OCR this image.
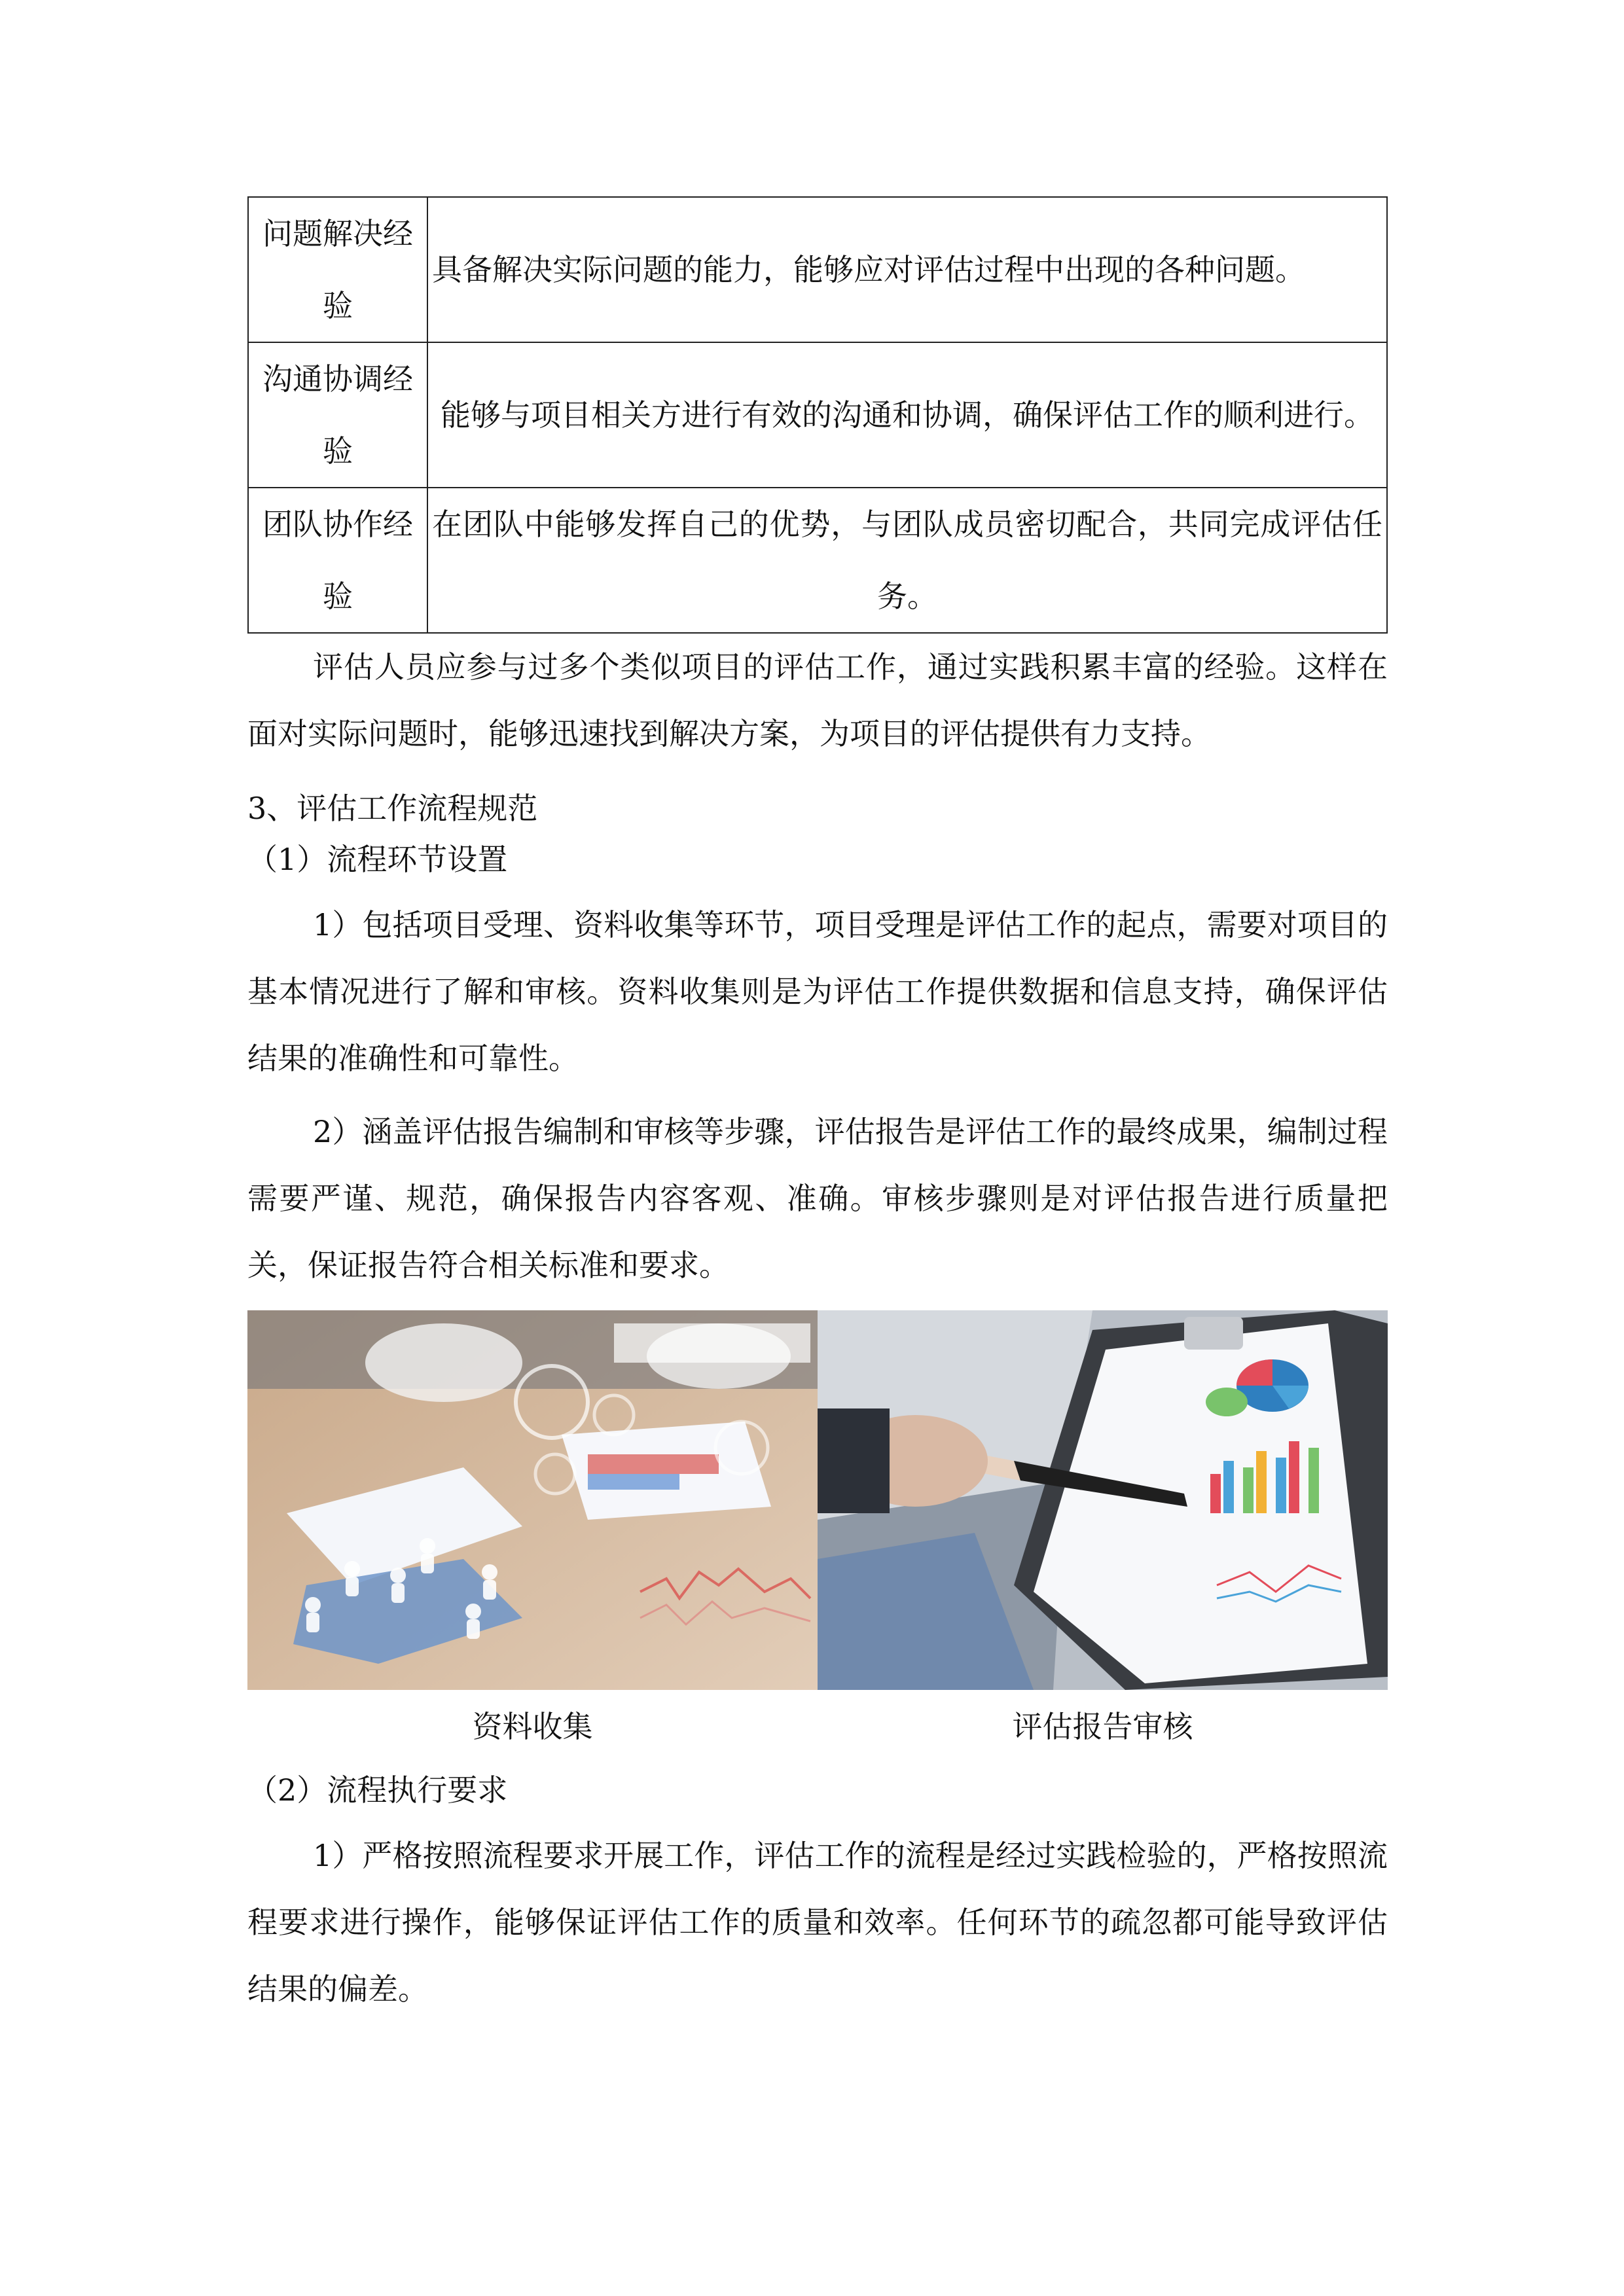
问题解决经验	具备解决实际问题的能力，能够应对评估过程中出现的各种问题。
沟通协调经验	能够与项目相关方进行有效的沟通和协调，确保评估工作的顺利进行。
团队协作经验	在团队中能够发挥自己的优势，与团队成员密切配合，共同完成评估任务。

评估人员应参与过多个类似项目的评估工作，通过实践积累丰富的经验。这样在面对实际问题时，能够迅速找到解决方案，为项目的评估提供有力支持。

3、评估工作流程规范

（1）流程环节设置

1）包括项目受理、资料收集等环节，项目受理是评估工作的起点，需要对项目的基本情况进行了解和审核。资料收集则是为评估工作提供数据和信息支持，确保评估结果的准确性和可靠性。

2）涵盖评估报告编制和审核等步骤，评估报告是评估工作的最终成果，编制过程需要严谨、规范，确保报告内容客观、准确。审核步骤则是对评估报告进行质量把关，保证报告符合相关标准和要求。

资料收集	评估报告审核

（2）流程执行要求

1）严格按照流程要求开展工作，评估工作的流程是经过实践检验的，严格按照流程要求进行操作，能够保证评估工作的质量和效率。任何环节的疏忽都可能导致评估结果的偏差。
